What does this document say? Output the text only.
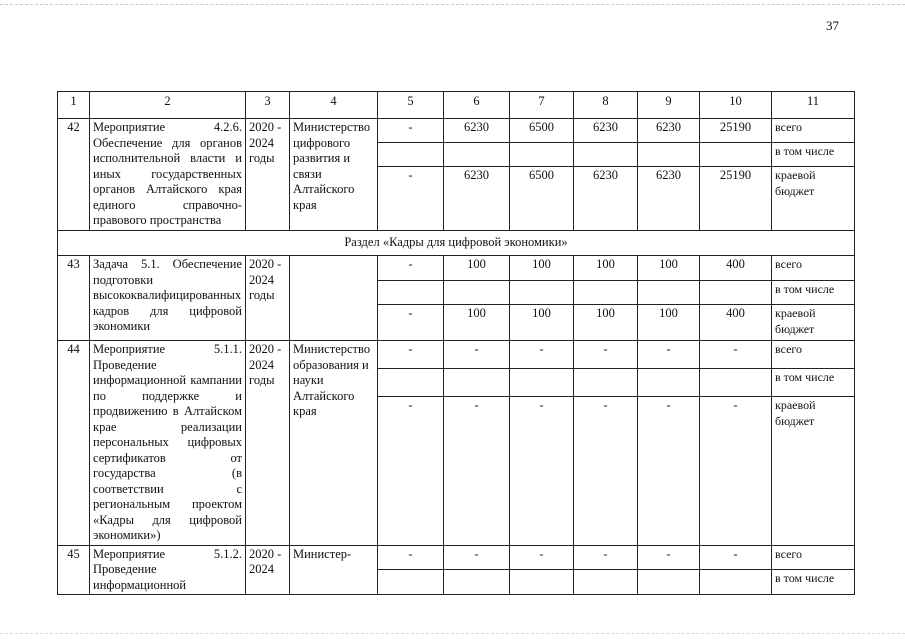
37
1	2	3	4	5	6	7	8	9	10	11
42	Мероприятие 4.2.6. Обеспечение для органов исполнительной власти и иных государственных органов Алтайского края единого справочно-правового пространства	2020 - 2024 годы	Министерство цифрового развития и связи Алтайского края	-	6230	6500	6230	6230	25190	всего
										в том числе
				-	6230	6500	6230	6230	25190	краевой бюджет
Раздел «Кадры для цифровой экономики»										
43	Задача 5.1. Обеспечение подготовки высококвалифицированных кадров для цифровой экономики	2020 - 2024 годы		-	100	100	100	100	400	всего
										в том числе
				-	100	100	100	100	400	краевой бюджет
44	Мероприятие 5.1.1. Проведение информационной кампании по поддержке и продвижению в Алтайском крае реализации персональных цифровых сертификатов от государства (в соответствии с региональным проектом «Кадры для цифровой экономики»)	2020 - 2024 годы	Министерство образования и науки Алтайского края	-	-	-	-	-	-	всего
										в том числе
				-	-	-	-	-	-	краевой бюджет
45	Мероприятие 5.1.2. Проведение информационной	2020 - 2024	Министер-	-	-	-	-	-	-	всего
										в том числе
